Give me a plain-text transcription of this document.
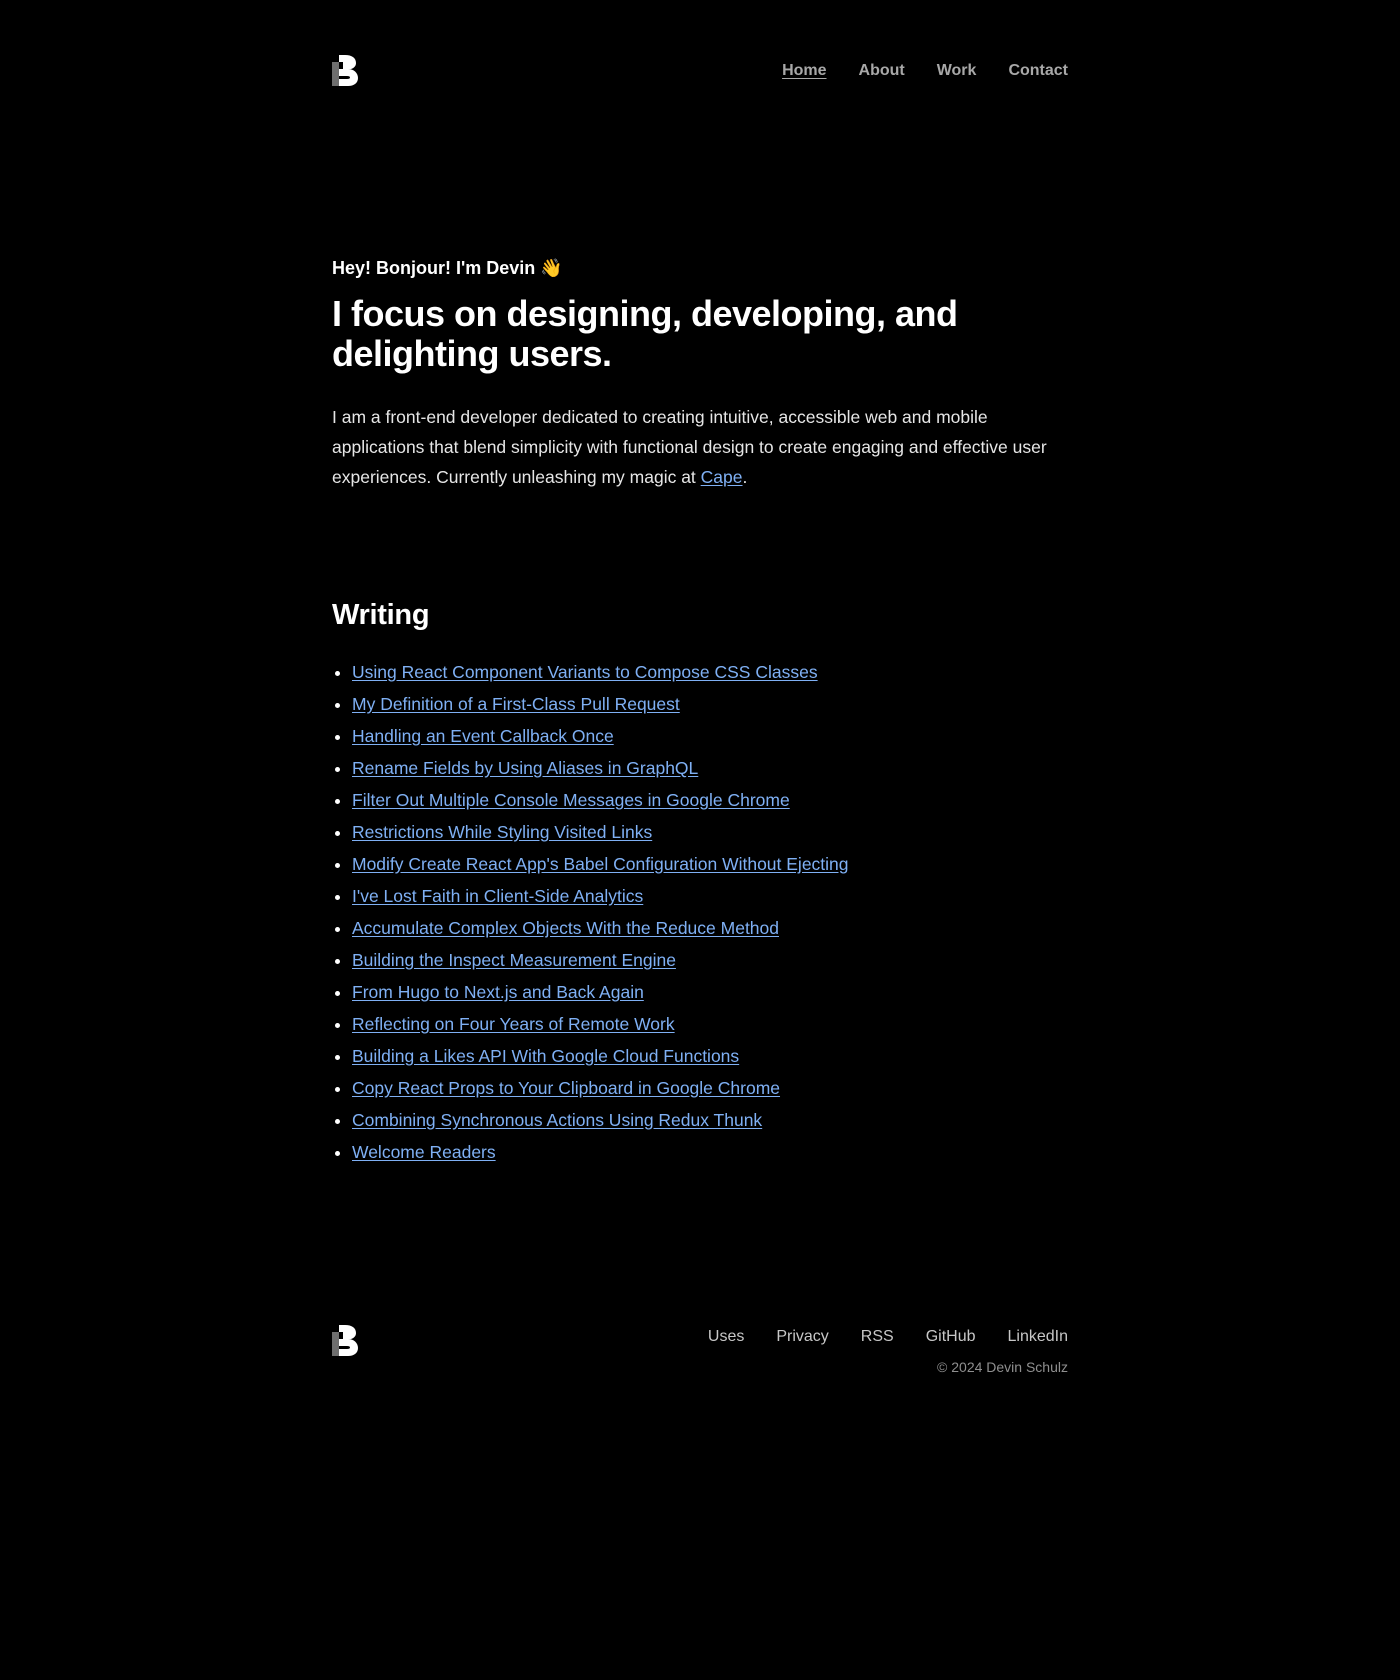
Home About Work Contact

Hey! Bonjour! I'm Devin 👋

I focus on designing, developing, and delighting users.

I am a front-end developer dedicated to creating intuitive, accessible web and mobile applications that blend simplicity with functional design to create engaging and effective user experiences. Currently unleashing my magic at Cape.

Writing
• Using React Component Variants to Compose CSS Classes
• My Definition of a First-Class Pull Request
• Handling an Event Callback Once
• Rename Fields by Using Aliases in GraphQL
• Filter Out Multiple Console Messages in Google Chrome
• Restrictions While Styling Visited Links
• Modify Create React App's Babel Configuration Without Ejecting
• I've Lost Faith in Client-Side Analytics
• Accumulate Complex Objects With the Reduce Method
• Building the Inspect Measurement Engine
• From Hugo to Next.js and Back Again
• Reflecting on Four Years of Remote Work
• Building a Likes API With Google Cloud Functions
• Copy React Props to Your Clipboard in Google Chrome
• Combining Synchronous Actions Using Redux Thunk
• Welcome Readers
Uses Privacy RSS GitHub LinkedIn
© 2024 Devin Schulz
